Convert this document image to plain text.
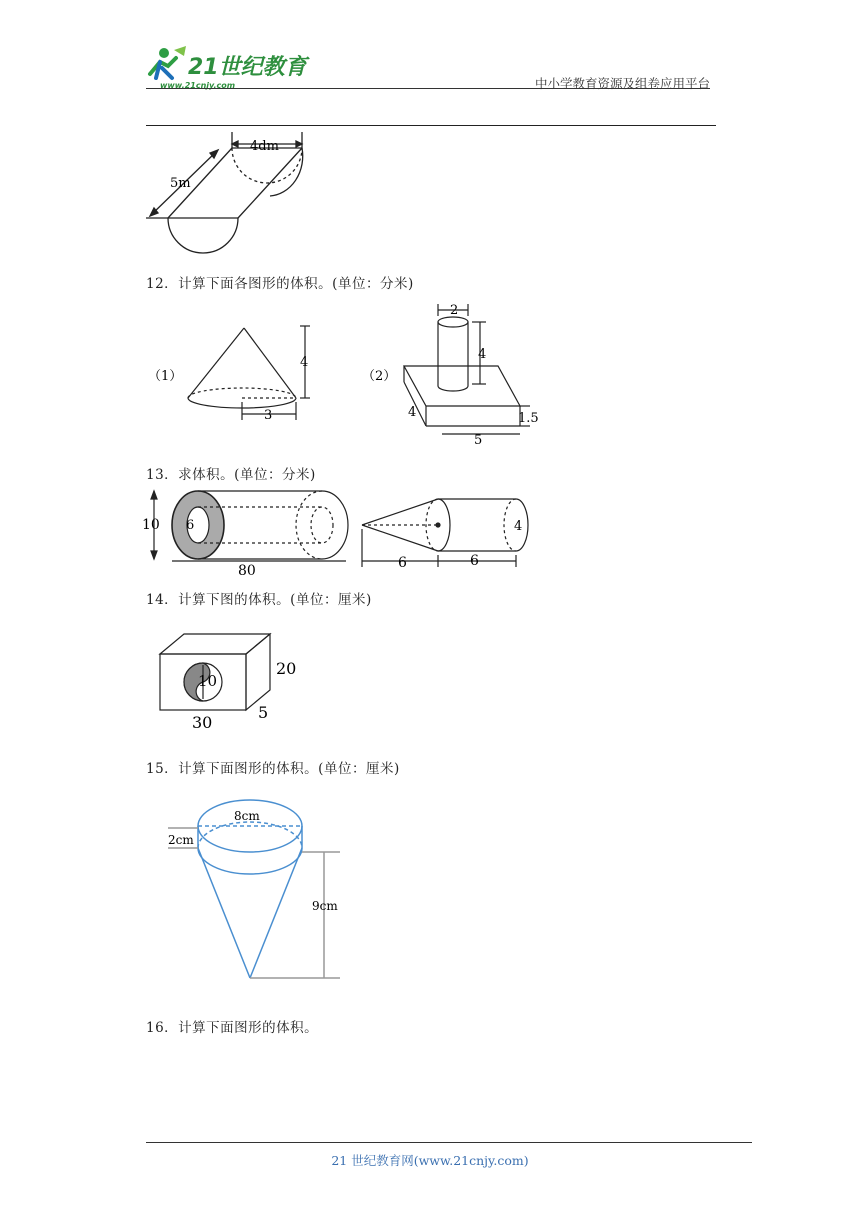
21世纪教育
www.21cnjy.com	中小学教育资源及组卷应用平台
4dm
5m
12．计算下面各图形的体积。(单位：分米)
（1）
4
3
（2）
2
4
1.5
4
5
13．求体积。(单位：分米)
10 6
80	6	6
4
14．计算下图的体积。(单位：厘米)
10
20
30
5
15．计算下面图形的体积。(单位：厘米)
8cm
2cm
9cm
16．计算下面图形的体积。
21 世纪教育网(www.21cnjy.com)
